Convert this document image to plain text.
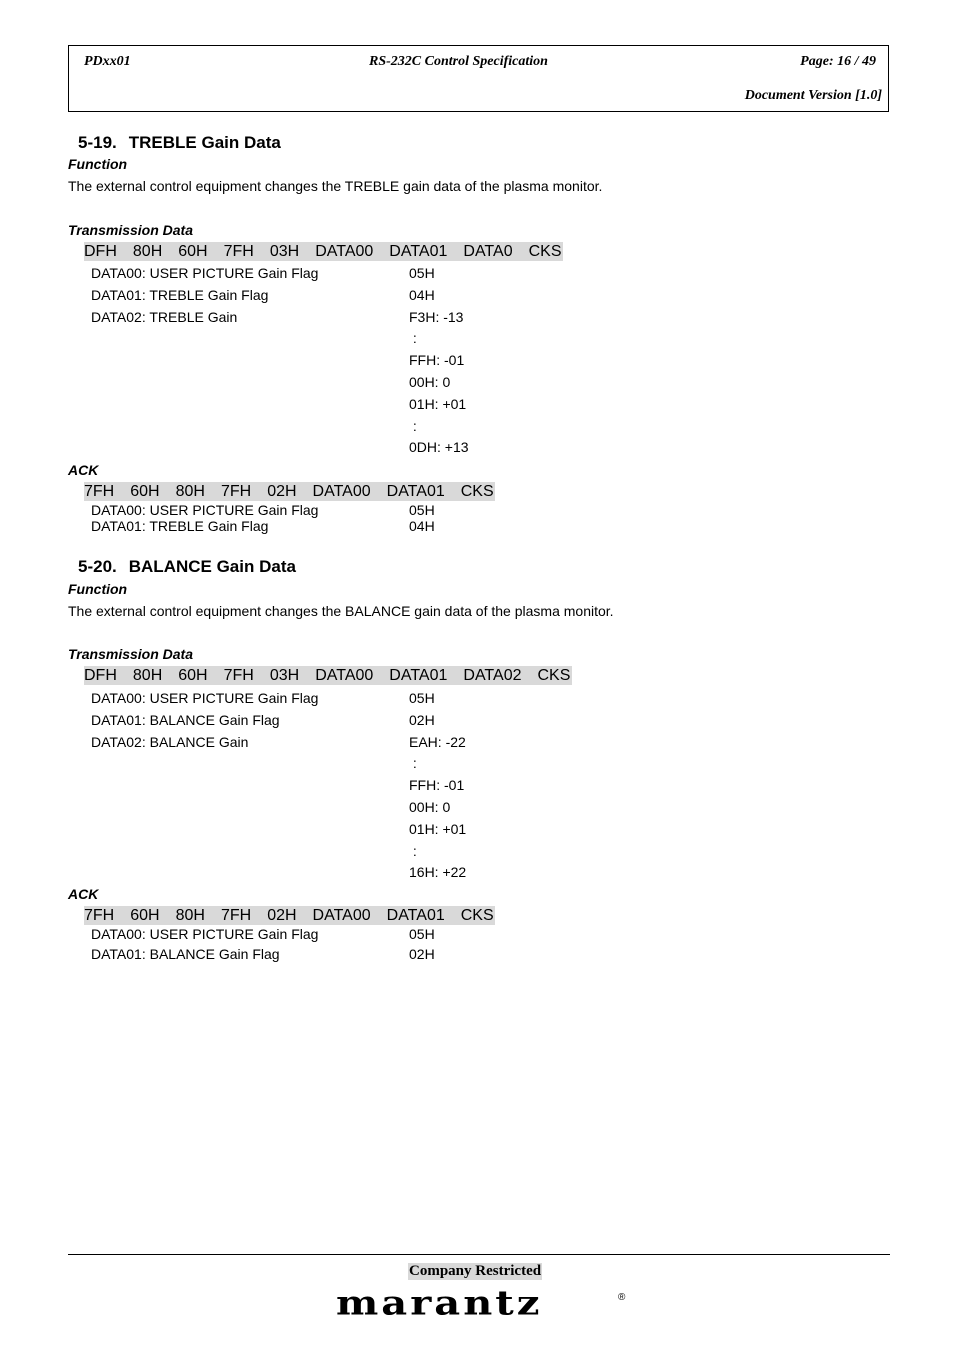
PDxx01	RS-232C Control Specification	Page: 16 / 49
Document Version [1.0]
5-19. TREBLE Gain Data
Function
The external control equipment changes the TREBLE gain data of the plasma monitor.
Transmission Data
DFH 80H 60H 7FH 03H DATA00 DATA01 DATA0 CKS
DATA00: USER PICTURE Gain Flag	05H
DATA01: TREBLE Gain Flag	04H
DATA02: TREBLE Gain	F3H: -13
:
FFH: -01
00H: 0
01H: +01
:
0DH: +13
ACK
7FH 60H 80H 7FH 02H DATA00 DATA01 CKS
DATA00: USER PICTURE Gain Flag	05H
DATA01: TREBLE Gain Flag	04H
5-20. BALANCE Gain Data
Function
The external control equipment changes the BALANCE gain data of the plasma monitor.
Transmission Data
DFH 80H 60H 7FH 03H DATA00 DATA01 DATA02 CKS
DATA00: USER PICTURE Gain Flag	05H
DATA01: BALANCE Gain Flag	02H
DATA02: BALANCE Gain	EAH: -22
:
FFH: -01
00H: 0
01H: +01
:
16H: +22
ACK
7FH 60H 80H 7FH 02H DATA00 DATA01 CKS
DATA00: USER PICTURE Gain Flag	05H
DATA01: BALANCE Gain Flag	02H
Company Restricted
marantz	®
